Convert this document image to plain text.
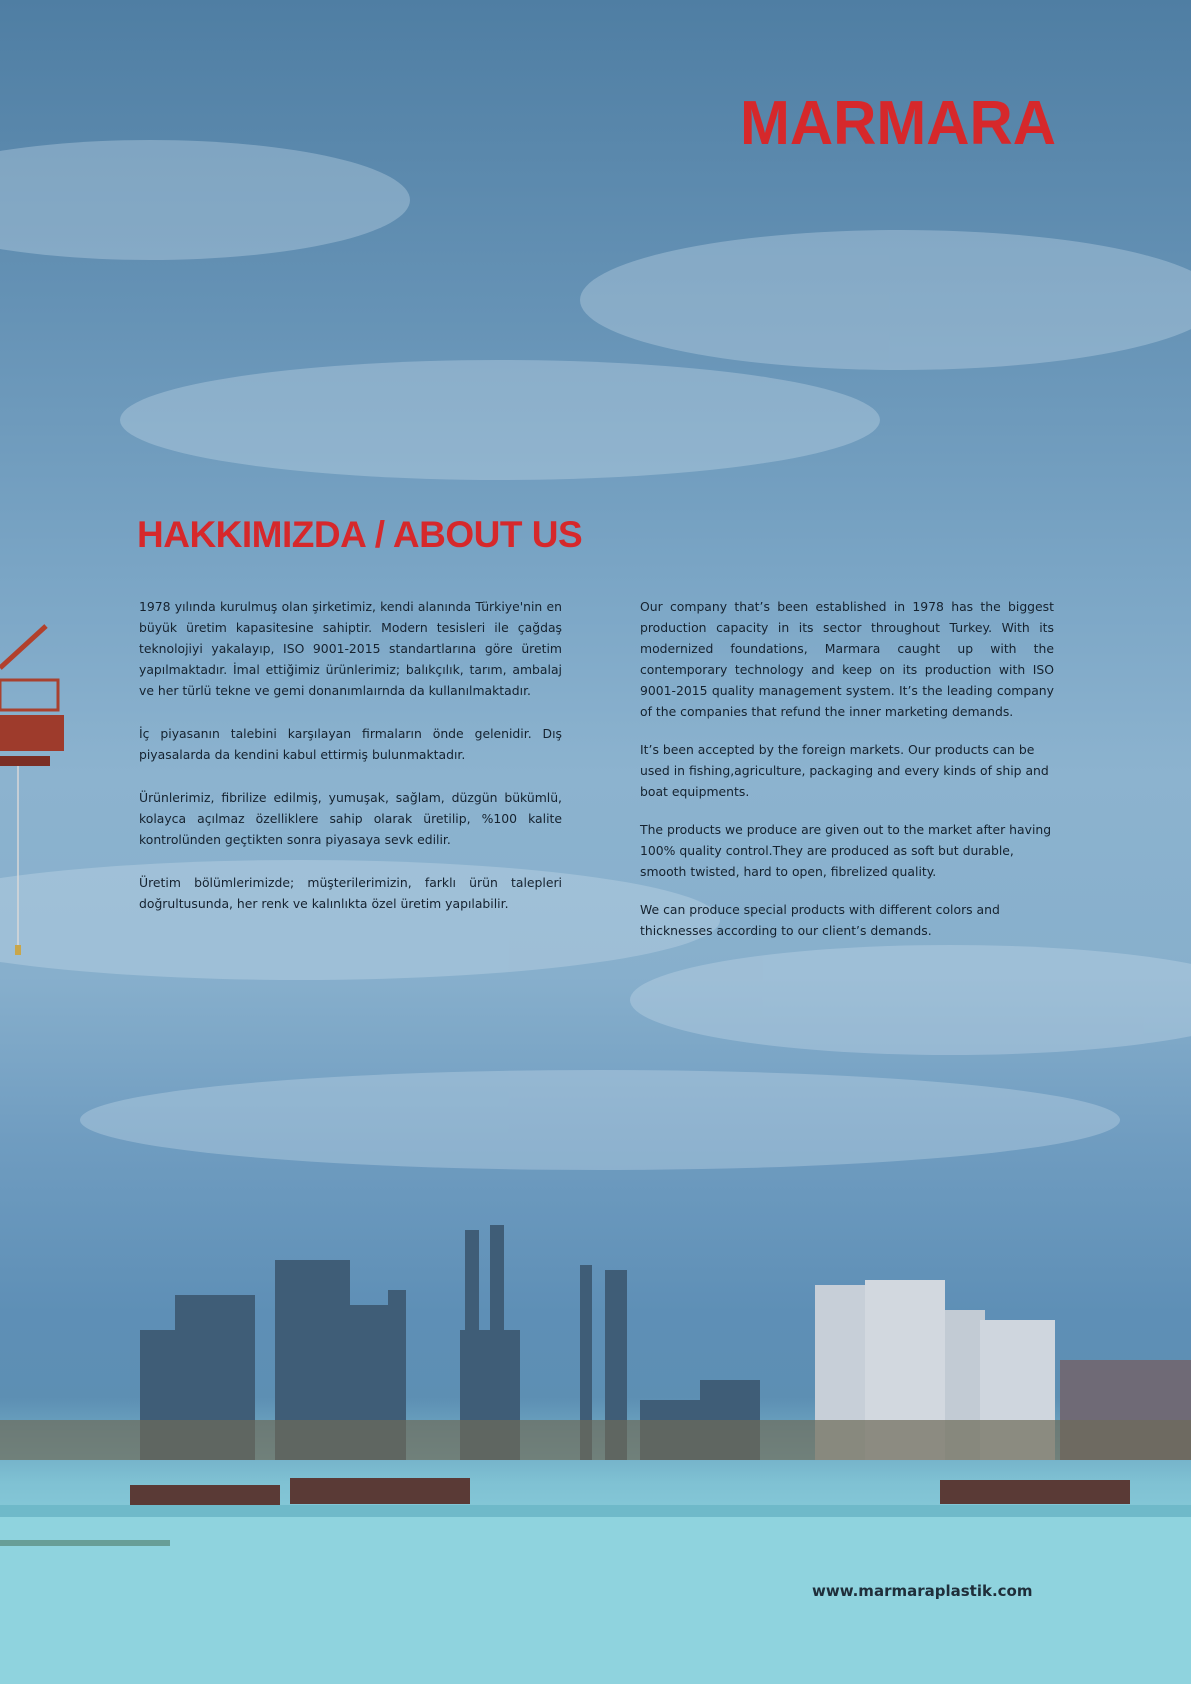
MARMARA
HAKKIMIZDA / ABOUT US

1978 yılında kurulmuş olan şirketimiz, kendi alanında Türkiye'nin en büyük üretim kapasitesine sahiptir. Modern tesisleri ile çağdaş teknolojiyi yakalayıp, ISO 9001-2015 standartlarına göre üretim yapılmaktadır. İmal ettiğimiz ürünlerimiz; balıkçılık, tarım, ambalaj ve her türlü tekne ve gemi donanımlaırnda da kullanılmaktadır.

İç piyasanın talebini karşılayan firmaların önde gelenidir. Dış piyasalarda da kendini kabul ettirmiş bulunmaktadır.

Ürünlerimiz, fibrilize edilmiş, yumuşak, sağlam, düzgün bükümlü, kolayca açılmaz özelliklere sahip olarak üretilip, %100 kalite kontrolünden geçtikten sonra piyasaya sevk edilir.

Üretim bölümlerimizde; müşterilerimizin, farklı ürün talepleri doğrultusunda, her renk ve kalınlıkta özel üretim yapılabilir.

Our company that’s been established in 1978 has the biggest production capacity in its sector throughout Turkey. With its modernized foundations, Marmara caught up with the contemporary technology and keep on its production with ISO 9001-2015 quality management system. It’s the leading company of the companies that refund the inner marketing demands.

It’s been accepted by the foreign markets. Our products can be used in fishing,agriculture, packaging and every kinds of ship and boat equipments.

The products we produce are given out to the market after having 100% quality control.They are produced as soft but durable, smooth twisted, hard to open, fibrelized quality.

We can produce special products with different colors and thicknesses according to our client’s demands.

www.marmaraplastik.com
